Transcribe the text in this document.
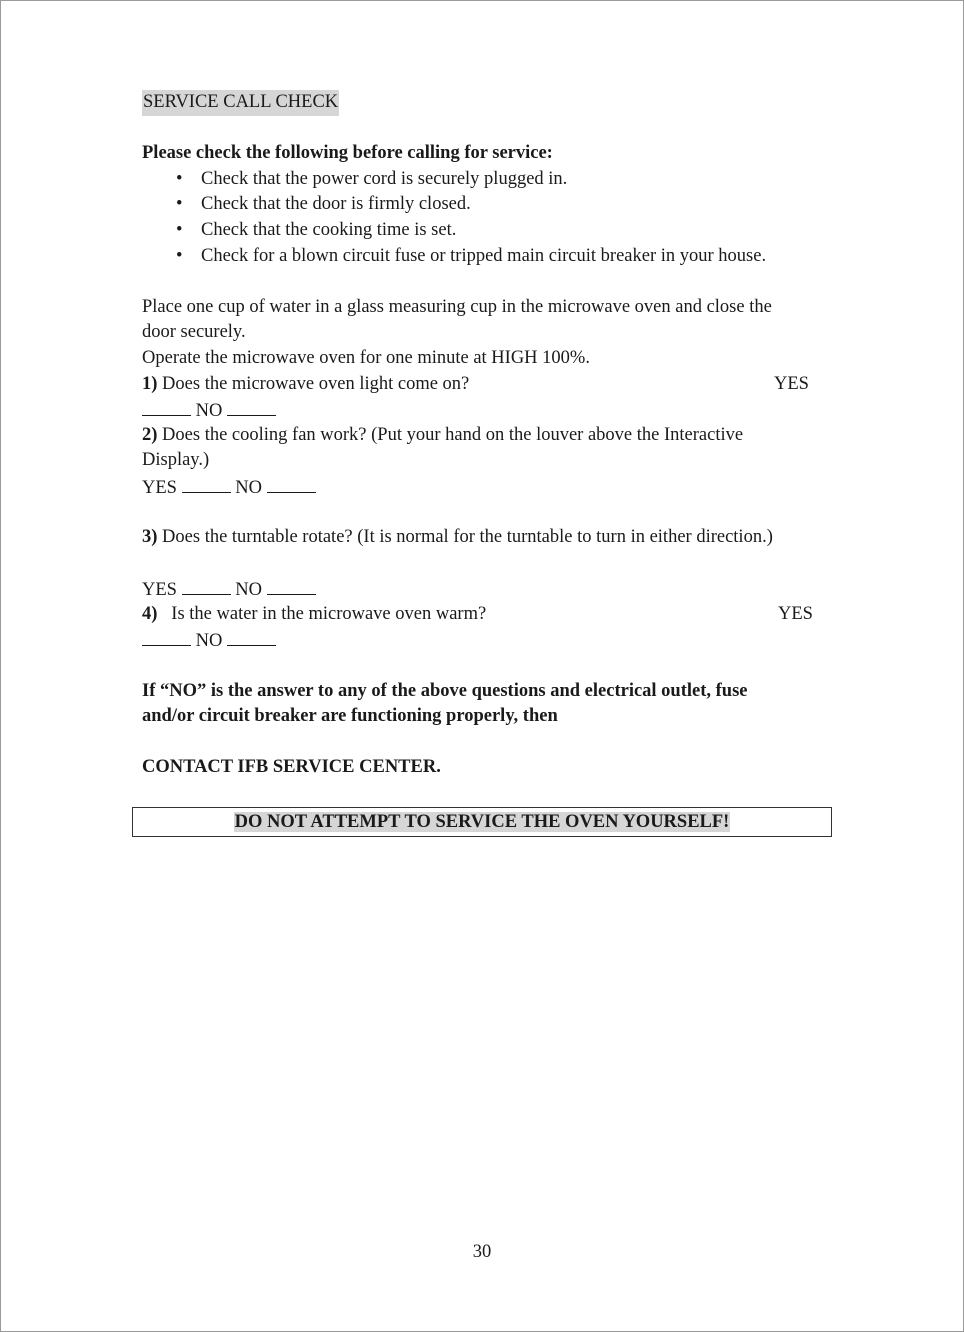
SERVICE CALL CHECK
Please check the following before calling for service:
• Check that the power cord is securely plugged in.
• Check that the door is firmly closed.
• Check that the cooking time is set.
• Check for a blown circuit fuse or tripped main circuit breaker in your house.
Place one cup of water in a glass measuring cup in the microwave oven and close the
door securely.
Operate the microwave oven for one minute at HIGH 100%.
1) Does the microwave oven light come on?	YES
NO
2) Does the cooling fan work? (Put your hand on the louver above the Interactive
Display.)
YES	NO
3) Does the turntable rotate? (It is normal for the turntable to turn in either direction.)
YES	NO
4)   Is the water in the microwave oven warm?	YES
NO
If “NO” is the answer to any of the above questions and electrical outlet, fuse
and/or circuit breaker are functioning properly, then
CONTACT IFB SERVICE CENTER.
DO NOT ATTEMPT TO SERVICE THE OVEN YOURSELF!
30
